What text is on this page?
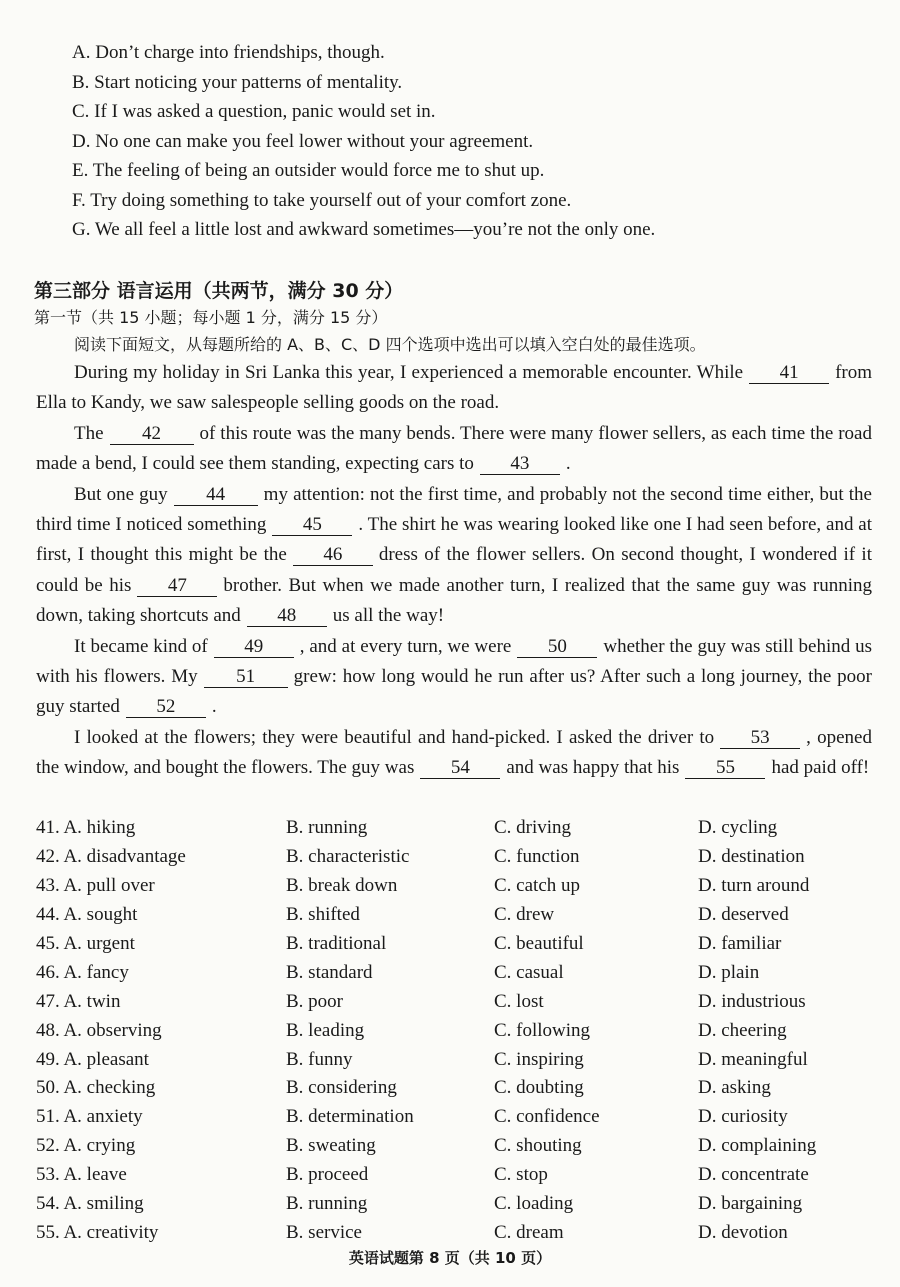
A. Don’t charge into friendships, though.
B. Start noticing your patterns of mentality.
C. If I was asked a question, panic would set in.
D. No one can make you feel lower without your agreement.
E. The feeling of being an outsider would force me to shut up.
F. Try doing something to take yourself out of your comfort zone.
G. We all feel a little lost and awkward sometimes—you’re not the only one.
第三部分 语言运用（共两节，满分 30 分）
第一节（共 15 小题；每小题 1 分，满分 15 分）
阅读下面短文，从每题所给的 A、B、C、D 四个选项中选出可以填入空白处的最佳选项。

During my holiday in Sri Lanka this year, I experienced a memorable encounter. While 41 from Ella to Kandy, we saw salespeople selling goods on the road.

The 42 of this route was the many bends. There were many flower sellers, as each time the road made a bend, I could see them standing, expecting cars to 43 .

But one guy 44 my attention: not the first time, and probably not the second time either, but the third time I noticed something 45 . The shirt he was wearing looked like one I had seen before, and at first, I thought this might be the 46 dress of the flower sellers. On second thought, I wondered if it could be his 47 brother. But when we made another turn, I realized that the same guy was running down, taking shortcuts and 48 us all the way!

It became kind of 49 , and at every turn, we were 50 whether the guy was still behind us with his flowers. My 51 grew: how long would he run after us? After such a long journey, the poor guy started 52 .

I looked at the flowers; they were beautiful and hand-picked. I asked the driver to 53 , opened the window, and bought the flowers. The guy was 54 and was happy that his 55 had paid off!

41. A. hiking	B. running	C. driving	D. cycling
42. A. disadvantage	B. characteristic	C. function	D. destination
43. A. pull over	B. break down	C. catch up	D. turn around
44. A. sought	B. shifted	C. drew	D. deserved
45. A. urgent	B. traditional	C. beautiful	D. familiar
46. A. fancy	B. standard	C. casual	D. plain
47. A. twin	B. poor	C. lost	D. industrious
48. A. observing	B. leading	C. following	D. cheering
49. A. pleasant	B. funny	C. inspiring	D. meaningful
50. A. checking	B. considering	C. doubting	D. asking
51. A. anxiety	B. determination	C. confidence	D. curiosity
52. A. crying	B. sweating	C. shouting	D. complaining
53. A. leave	B. proceed	C. stop	D. concentrate
54. A. smiling	B. running	C. loading	D. bargaining
55. A. creativity	B. service	C. dream	D. devotion
英语试题第 8 页（共 10 页）
